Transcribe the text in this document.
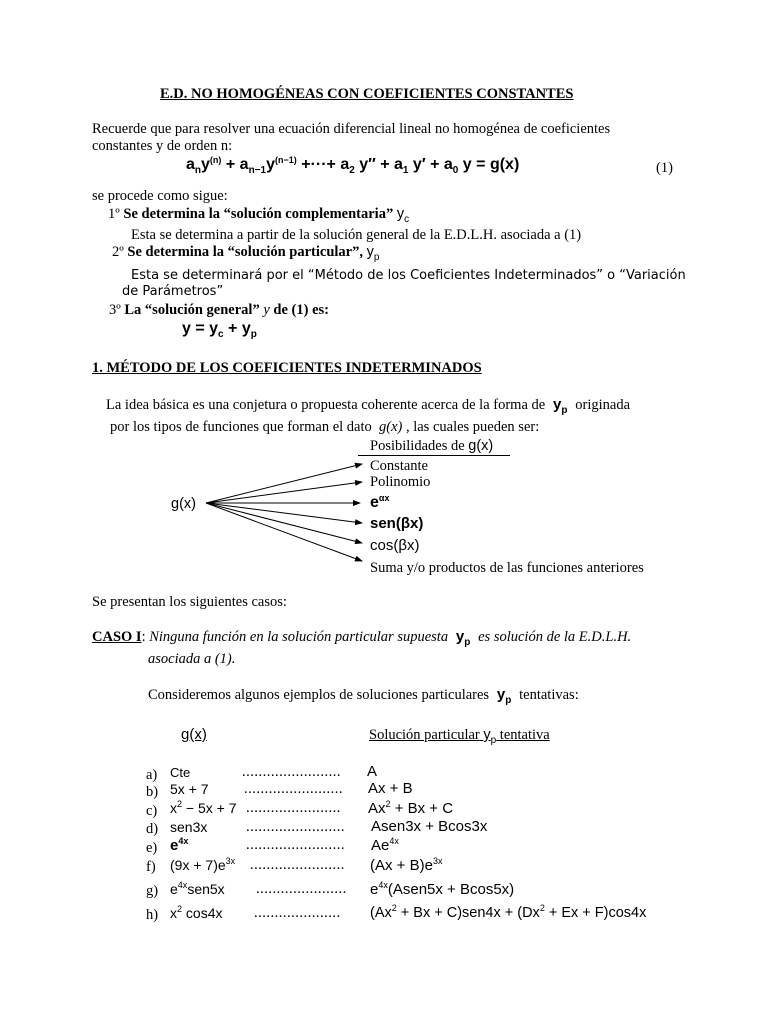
E.D. NO HOMOGÉNEAS CON COEFICIENTES CONSTANTES
Recuerde que para resolver una ecuación diferencial lineal no homogénea de coeficientes
constantes y de orden n:
$a_ny^{(n)} + a_{n-1}y^{(n-1)}$ +···+ $a_2$ $y'' + a_1$ $y' + a_0$ y = g(x)	(1)
se procede como sigue:
1º Se determina la “solución complementaria” $y_c$
Esta se determina a partir de la solución general de la E.D.L.H. asociada a (1)
2º Se determina la “solución particular”, $y_p$
Esta se determinará por el “Método de los Coeficientes Indeterminados” o “Variación
de Parámetros”
3º La “solución general” y de (1) es:
$y = y_c + y_p$
1. MÉTODO DE LOS COEFICIENTES INDETERMINADOS
La idea básica es una conjetura o propuesta coherente acerca de la forma de  $y_p$ originada
por los tipos de funciones que forman el dato  g(x) , las cuales pueden ser:
Posibilidades de g(x)
g(x)
Constante
Polinomio
$e^{\alpha x}$
sen(βx)
cos(βx)
Suma y/o productos de las funciones anteriores
Se presentan los siguientes casos:
CASO I: Ninguna función en la solución particular supuesta  $y_p$ es solución de la E.D.L.H.
asociada a (1).
Consideremos algunos ejemplos de soluciones particulares  $y_p$ tentativas:
g(x)	Solución particular $y_p$ tentativa
a) Cte	........................ A
b) 5x + 7 ........................ Ax + B
c) $x^2 - 5x + 7$ ....................... $Ax^2 + Bx + C$
d) sen3x	........................ Asen3x + Bcos3x
e) $e^{4x}$	........................ $Ae^{4x}$
f) $(9x + 7)e^{3x}$ ....................... $(Ax + B)e^{3x}$
g) $e^{4x}sen5x$ ...................... $e^{4x}(Asen5x + Bcos5x)$
h) $x^2$ cos4x ..................... $(Ax^2 + Bx + C)sen4x + (Dx^2 + Ex + F)\cos 4x$
